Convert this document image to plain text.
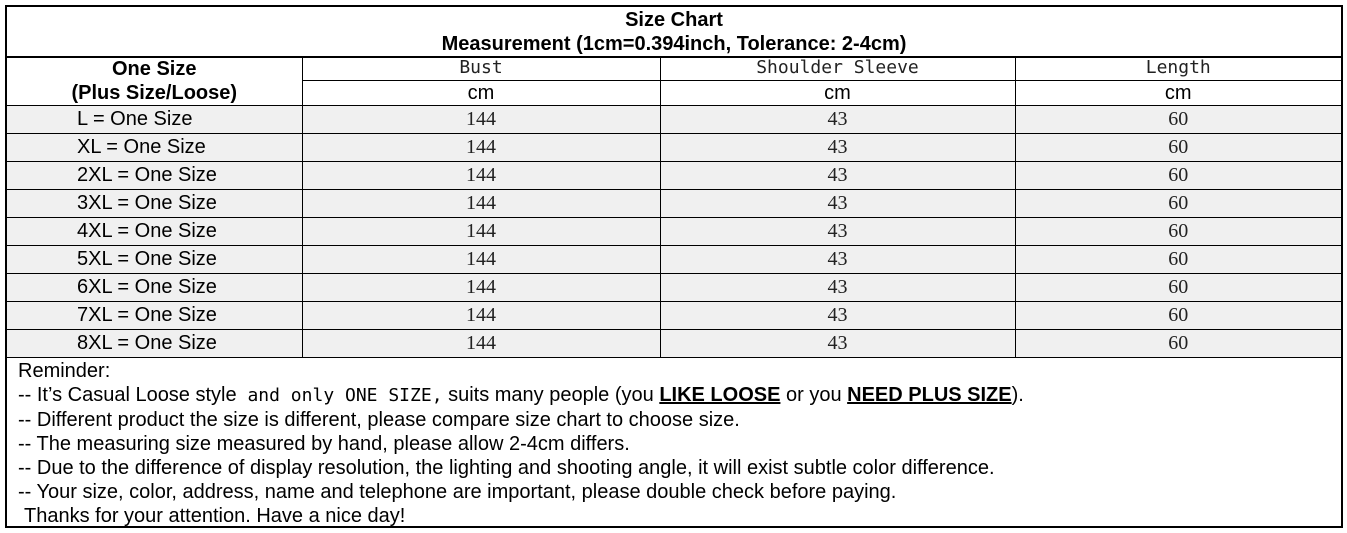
Size Chart
Measurement (1cm=0.394inch, Tolerance: 2-4cm)
One Size
(Plus Size/Loose)	Bust	Shoulder Sleeve	Length
	cm	cm	cm
L = One Size	144	43	60
XL = One Size	144	43	60
2XL = One Size	144	43	60
3XL = One Size	144	43	60
4XL = One Size	144	43	60
5XL = One Size	144	43	60
6XL = One Size	144	43	60
7XL = One Size	144	43	60
8XL = One Size	144	43	60
Reminder:
-- It’s Casual Loose style and only ONE SIZE, suits many people (you LIKE LOOSE or you NEED PLUS SIZE).
-- Different product the size is different, please compare size chart to choose size.
-- The measuring size measured by hand, please allow 2-4cm differs.
-- Due to the difference of display resolution, the lighting and shooting angle, it will exist subtle color difference.
-- Your size, color, address, name and telephone are important, please double check before paying.
Thanks for your attention. Have a nice day!
